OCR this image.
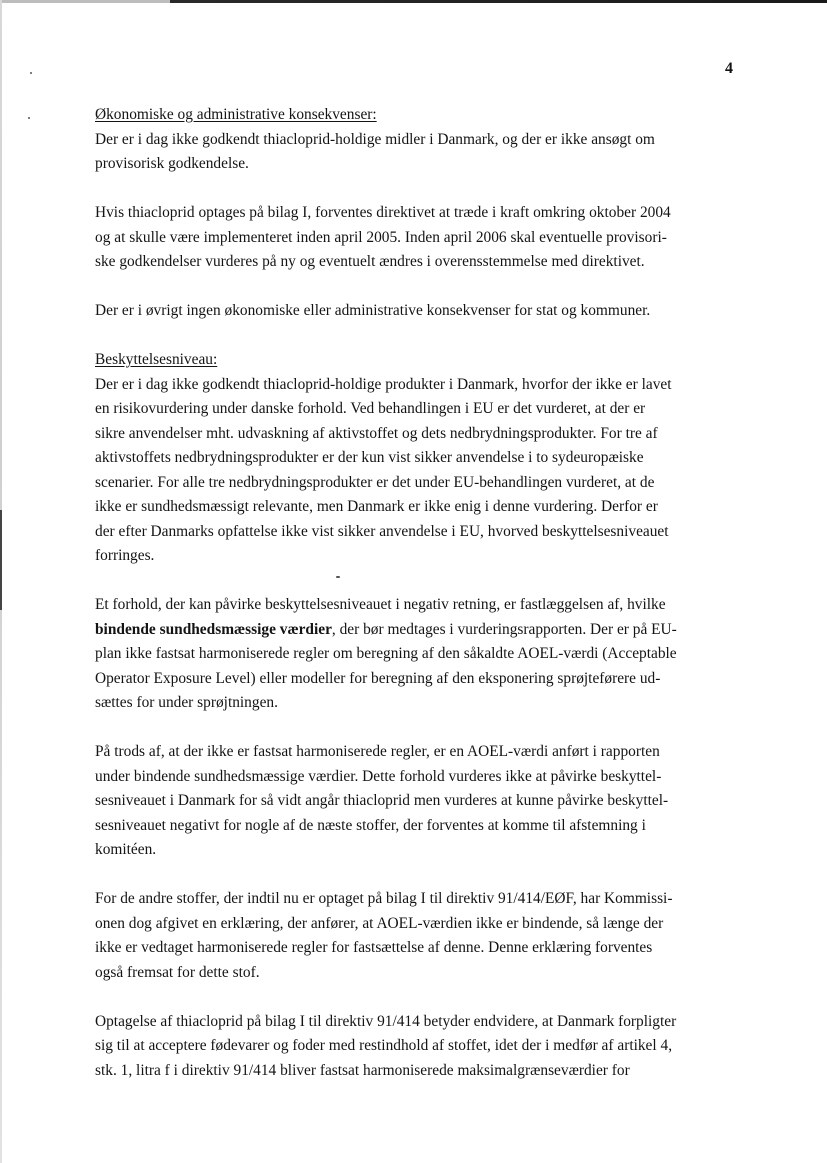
4

Økonomiske og administrative konsekvenser:
Der er i dag ikke godkendt thiacloprid-holdige midler i Danmark, og der er ikke ansøgt om
provisorisk godkendelse.

Hvis thiacloprid optages på bilag I, forventes direktivet at træde i kraft omkring oktober 2004
og at skulle være implementeret inden april 2005. Inden april 2006 skal eventuelle provisori-
ske godkendelser vurderes på ny og eventuelt ændres i overensstemmelse med direktivet.

Der er i øvrigt ingen økonomiske eller administrative konsekvenser for stat og kommuner.

Beskyttelsesniveau:
Der er i dag ikke godkendt thiacloprid-holdige produkter i Danmark, hvorfor der ikke er lavet
en risikovurdering under danske forhold. Ved behandlingen i EU er det vurderet, at der er
sikre anvendelser mht. udvaskning af aktivstoffet og dets nedbrydningsprodukter. For tre af
aktivstoffets nedbrydningsprodukter er der kun vist sikker anvendelse i to sydeuropæiske
scenarier. For alle tre nedbrydningsprodukter er det under EU-behandlingen vurderet, at de
ikke er sundhedsmæssigt relevante, men Danmark er ikke enig i denne vurdering. Derfor er
der efter Danmarks opfattelse ikke vist sikker anvendelse i EU, hvorved beskyttelsesniveauet
forringes.

Et forhold, der kan påvirke beskyttelsesniveauet i negativ retning, er fastlæggelsen af, hvilke
bindende sundhedsmæssige værdier, der bør medtages i vurderingsrapporten. Der er på EU-
plan ikke fastsat harmoniserede regler om beregning af den såkaldte AOEL-værdi (Acceptable
Operator Exposure Level) eller modeller for beregning af den eksponering sprøjteførere ud-
sættes for under sprøjtningen.

På trods af, at der ikke er fastsat harmoniserede regler, er en AOEL-værdi anført i rapporten
under bindende sundhedsmæssige værdier. Dette forhold vurderes ikke at påvirke beskyttel-
sesniveauet i Danmark for så vidt angår thiacloprid men vurderes at kunne påvirke beskyttel-
sesniveauet negativt for nogle af de næste stoffer, der forventes at komme til afstemning i
komitéen.

For de andre stoffer, der indtil nu er optaget på bilag I til direktiv 91/414/EØF, har Kommissi-
onen dog afgivet en erklæring, der anfører, at AOEL-værdien ikke er bindende, så længe der
ikke er vedtaget harmoniserede regler for fastsættelse af denne. Denne erklæring forventes
også fremsat for dette stof.

Optagelse af thiacloprid på bilag I til direktiv 91/414 betyder endvidere, at Danmark forpligter
sig til at acceptere fødevarer og foder med restindhold af stoffet, idet der i medfør af artikel 4,
stk. 1, litra f i direktiv 91/414 bliver fastsat harmoniserede maksimalgrænseværdier for
